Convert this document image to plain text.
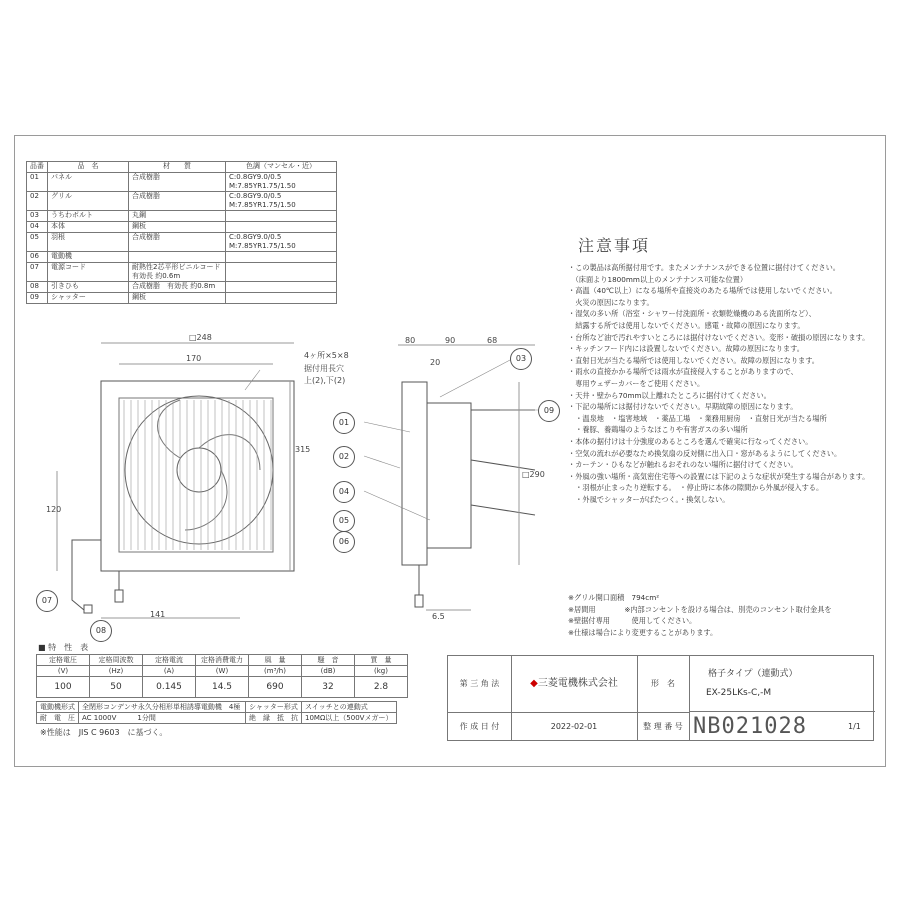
品番	品　名	材　　質	色調（マンセル・近）
01	パネル	合成樹脂	C:0.8GY9.0/0.5
M:7.85YR1.75/1.50

02	グリル	合成樹脂	C:0.8GY9.0/0.5
M:7.85YR1.75/1.50

03	うちわボルト	丸鋼	
04	本体	鋼板	
05	羽根	合成樹脂	C:0.8GY9.0/0.5
M:7.85YR1.75/1.50

06	電動機		
07	電源コード	耐熱性2芯平形ビニルコード　有効長 約0.6m	
08	引きひも	合成樹脂　有効長 約0.8m	
09	シャッター	鋼板	
注意事項
・この製品は高所据付用です。またメンテナンスができる位置に据付けてください。
　（床面より1800mm以上のメンテナンス可能な位置）
・高温（40℃以上）になる場所や直接炎のあたる場所では使用しないでください。
　火災の原因になります。
・湿気の多い所（浴室・シャワー付洗面所・衣類乾燥機のある洗面所など）、
　結露する所では使用しないでください。感電・故障の原因になります。
・台所など油で汚れやすいところには据付けないでください。変形・破損の原因になります。
・キッチンフード内には設置しないでください。故障の原因になります。
・直射日光が当たる場所では使用しないでください。故障の原因になります。
・雨水の直接かかる場所では雨水が直接侵入することがありますので、
　専用ウェザーカバーをご使用ください。
・天井・壁から70mm以上離れたところに据付けてください。
・下記の場所には据付けないでください。早期故障の原因になります。
　・温泉地　・塩害地域　・薬品工場　・業務用厨房　・直射日光が当たる場所
　・養豚、養鶏場のようなほこりや有害ガスの多い場所
・本体の据付けは十分強度のあるところを選んで確実に行なってください。
・空気の流れが必要なため換気扇の反対側に出入口・窓があるようにしてください。
・カーテン・ひもなどが触れるおそれのない場所に据付けてください。
・外風の強い場所・高気密住宅等への設置には下記のような症状が発生する場合があります。
　・羽根が止まったり逆転する。　・停止時に本体の隙間から外風が侵入する。
　・外風でシャッターがばたつく。・換気しない。
※グリル開口面積　794cm²
※居間用　　　　※内部コンセントを設ける場合は、別売のコンセント取付金具を
※壁据付専用　　　使用してください。
※仕様は場合により変更することがあります。
□248
170	4ヶ所×5×8
据付用長穴
上(2),下(2)
315
120
141
80	90	68
20
□290
6.5
01
02
03
04
05
06
07
08
09
■ 特　性　表
定格電圧	定格周波数	定格電流	定格消費電力	風　量	騒　音	質　量
(V)	(Hz)	(A)	(W)	(m³/h)	(dB)	(kg)
100	50	0.145	14.5	690	32	2.8
電動機形式	全閉形コンデンサ永久分相形単相誘導電動機　4極	シャッター形式	スイッチとの連動式
耐　電　圧	AC 1000V　　　1分間	絶　縁　抵　抗	10MΩ以上（500Vメガー）
※性能は　JIS C 9603　に基づく。
第 三 角 法	◆三菱電機株式会社	形　名
格子タイプ（連動式）
EX-25LKs-C,-M
作 成 日 付	2022-02-01	整 理 番 号 NB021028	1/1
